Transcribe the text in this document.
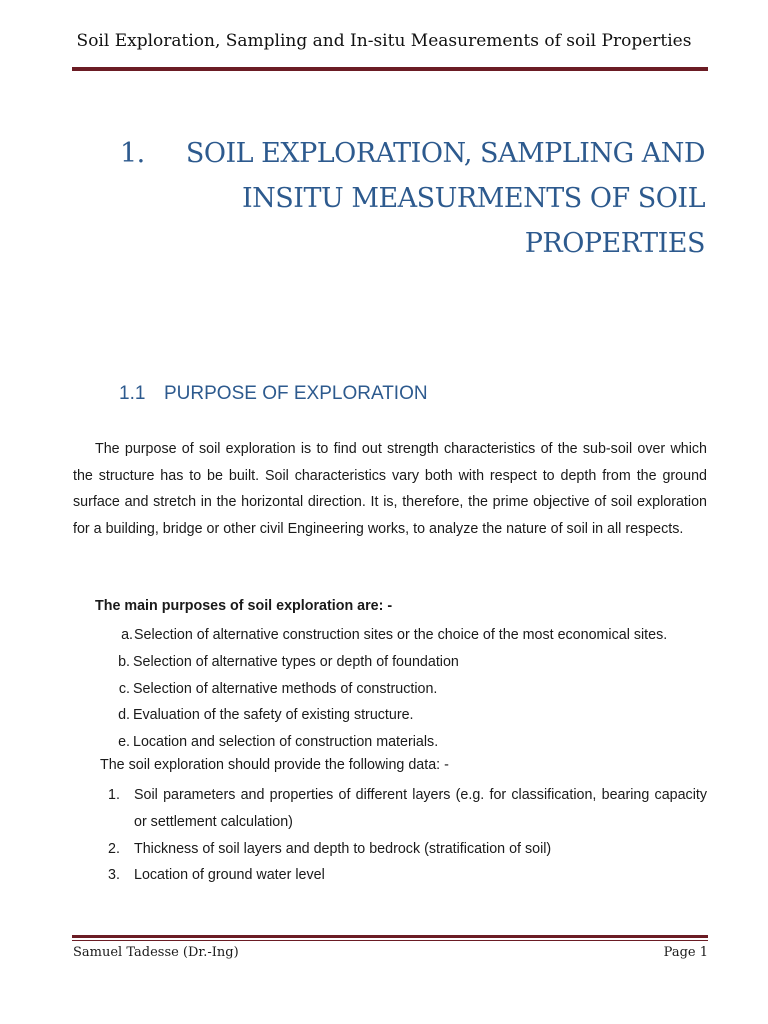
Soil Exploration, Sampling and In-situ Measurements of soil Properties
1.	SOIL EXPLORATION, SAMPLING AND
INSITU MEASURMENTS OF SOIL
PROPERTIES
1.1 PURPOSE OF EXPLORATION

The purpose of soil exploration is to find out strength characteristics of the sub-soil over which the structure has to be built. Soil characteristics vary both with respect to depth from the ground surface and stretch in the horizontal direction. It is, therefore, the prime objective of soil exploration for a building, bridge or other civil Engineering works, to analyze the nature of soil in all respects.

The main purposes of soil exploration are: -
a. Selection of alternative construction sites or the choice of the most economical sites.
b. Selection of alternative types or depth of foundation
c. Selection of alternative methods of construction.
d. Evaluation of the safety of existing structure.
e. Location and selection of construction materials.
The soil exploration should provide the following data: -
1. Soil parameters and properties of different layers (e.g. for classification, bearing capacity or settlement calculation)
2. Thickness of soil layers and depth to bedrock (stratification of soil)
3. Location of ground water level
Samuel Tadesse (Dr.-Ing)	Page 1
